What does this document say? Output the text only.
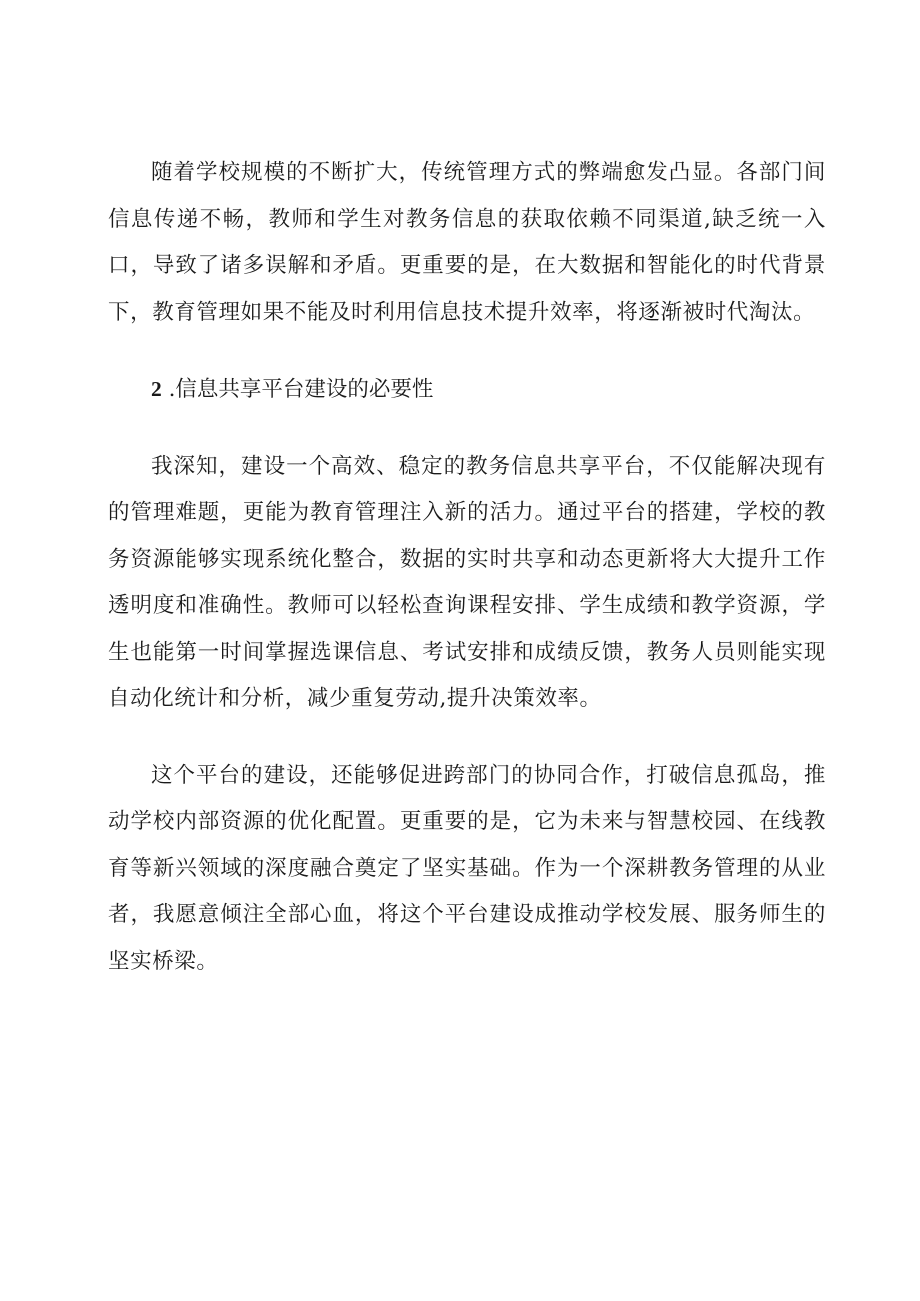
随着学校规模的不断扩大，传统管理方式的弊端愈发凸显。各部门间信息传递不畅，教师和学生对教务信息的获取依赖不同渠道,缺乏统一入口，导致了诸多误解和矛盾。更重要的是，在大数据和智能化的时代背景下，教育管理如果不能及时利用信息技术提升效率，将逐渐被时代淘汰。

2 .信息共享平台建设的必要性

我深知，建设一个高效、稳定的教务信息共享平台，不仅能解决现有的管理难题，更能为教育管理注入新的活力。通过平台的搭建，学校的教务资源能够实现系统化整合，数据的实时共享和动态更新将大大提升工作透明度和准确性。教师可以轻松查询课程安排、学生成绩和教学资源，学生也能第一时间掌握选课信息、考试安排和成绩反馈，教务人员则能实现自动化统计和分析，减少重复劳动,提升决策效率。

这个平台的建设，还能够促进跨部门的协同合作，打破信息孤岛，推动学校内部资源的优化配置。更重要的是，它为未来与智慧校园、在线教育等新兴领域的深度融合奠定了坚实基础。作为一个深耕教务管理的从业者，我愿意倾注全部心血，将这个平台建设成推动学校发展、服务师生的坚实桥梁。
